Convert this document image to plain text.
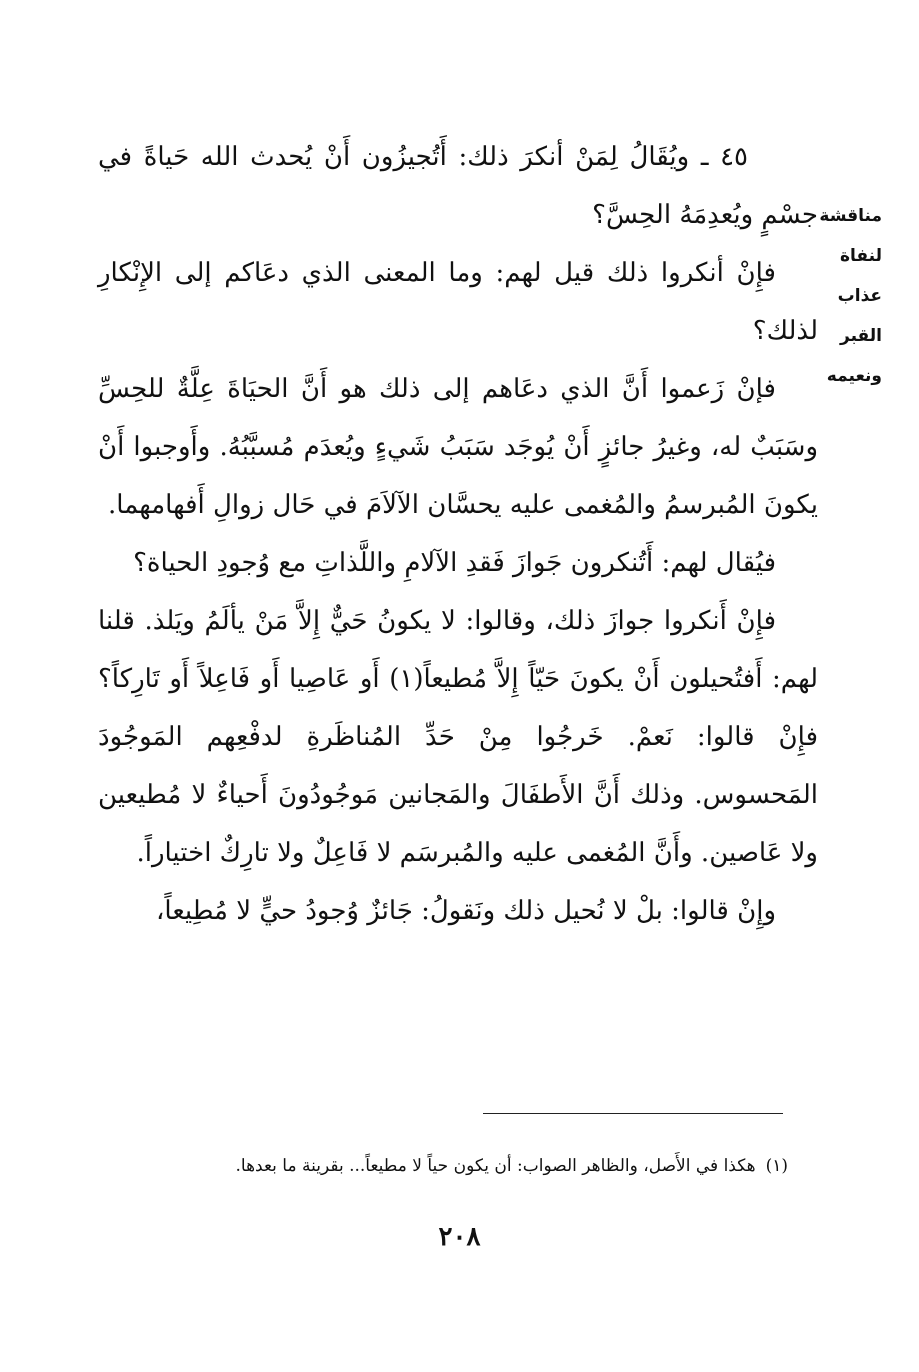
مناقشة
لنفاة
عذاب
القبر
ونعيمه

٤٥ ـ ويُقَالُ لِمَنْ أنكرَ ذلك: أَتُجيزُون أَنْ يُحدث الله حَياةً في جسْمٍ ويُعدِمَهُ الحِسَّ؟

فإِنْ أنكروا ذلك قيل لهم: وما المعنى الذي دعَاكم إلى الإِنْكارِ لذلك؟

فإنْ زَعموا أَنَّ الذي دعَاهم إلى ذلك هو أَنَّ الحيَاةَ عِلَّةٌ للحِسِّ وسَبَبٌ له، وغيرُ جائزٍ أَنْ يُوجَد سَبَبُ شَيءٍ ويُعدَم مُسبَّبُهُ. وأَوجبوا أَنْ يكونَ المُبرسمُ والمُغمى عليه يحسَّان الآلاَمَ في حَال زوالِ أَفهامهما.

فيُقال لهم: أَتُنكرون جَوازَ فَقدِ الآلامِ واللَّذاتِ مع وُجودِ الحياة؟

فإِنْ أَنكروا جوازَ ذلك، وقالوا: لا يكونُ حَيٌّ إِلاَّ مَنْ يألَمُ ويَلذ. قلنا لهم: أَفتُحيلون أَنْ يكونَ حَيّاً إِلاَّ مُطيعاً(١) أَو عَاصِيا أَو فَاعِلاً أَو تَارِكاً؟ فإِنْ قالوا: نَعمْ. خَرجُوا مِنْ حَدِّ المُناظَرةِ لدفْعِهم المَوجُودَ المَحسوس. وذلك أَنَّ الأَطفَالَ والمَجانين مَوجُودُونَ أَحياءٌ لا مُطيعين ولا عَاصين. وأَنَّ المُغمى عليه والمُبرسَم لا فَاعِلٌ ولا تارِكٌ اختياراً.

وإِنْ قالوا: بلْ لا نُحيل ذلك ونَقولُ: جَائزٌ وُجودُ حيٍّ لا مُطِيعاً،

(١)هكذا في الأَصل، والظاهر الصواب: أن يكون حياً لا مطيعاً... بقرينة ما بعدها.
٢٠٨
